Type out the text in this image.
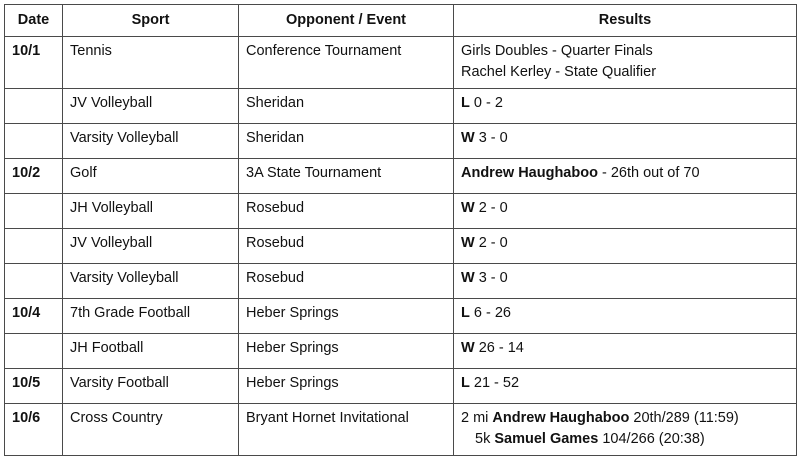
Date	Sport	Opponent / Event	Results
10/1	Tennis	Conference Tournament	Girls Doubles - Quarter Finals
Rachel Kerley - State Qualifier

	JV Volleyball	Sheridan	L 0 - 2

	Varsity Volleyball	Sheridan	W 3 - 0

10/2	Golf	3A State Tournament	Andrew Haughaboo - 26th out of 70

	JH Volleyball	Rosebud	W 2 - 0

	JV Volleyball	Rosebud	W 2 - 0

	Varsity Volleyball	Rosebud	W 3 - 0

10/4	7th Grade Football	Heber Springs	L 6 - 26

	JH Football	Heber Springs	W 26 - 14

10/5	Varsity Football	Heber Springs	L 21 - 52

10/6	Cross Country	Bryant Hornet Invitational	2 mi Andrew Haughaboo 20th/289 (11:59)
5k Samuel Games 104/266 (20:38)
